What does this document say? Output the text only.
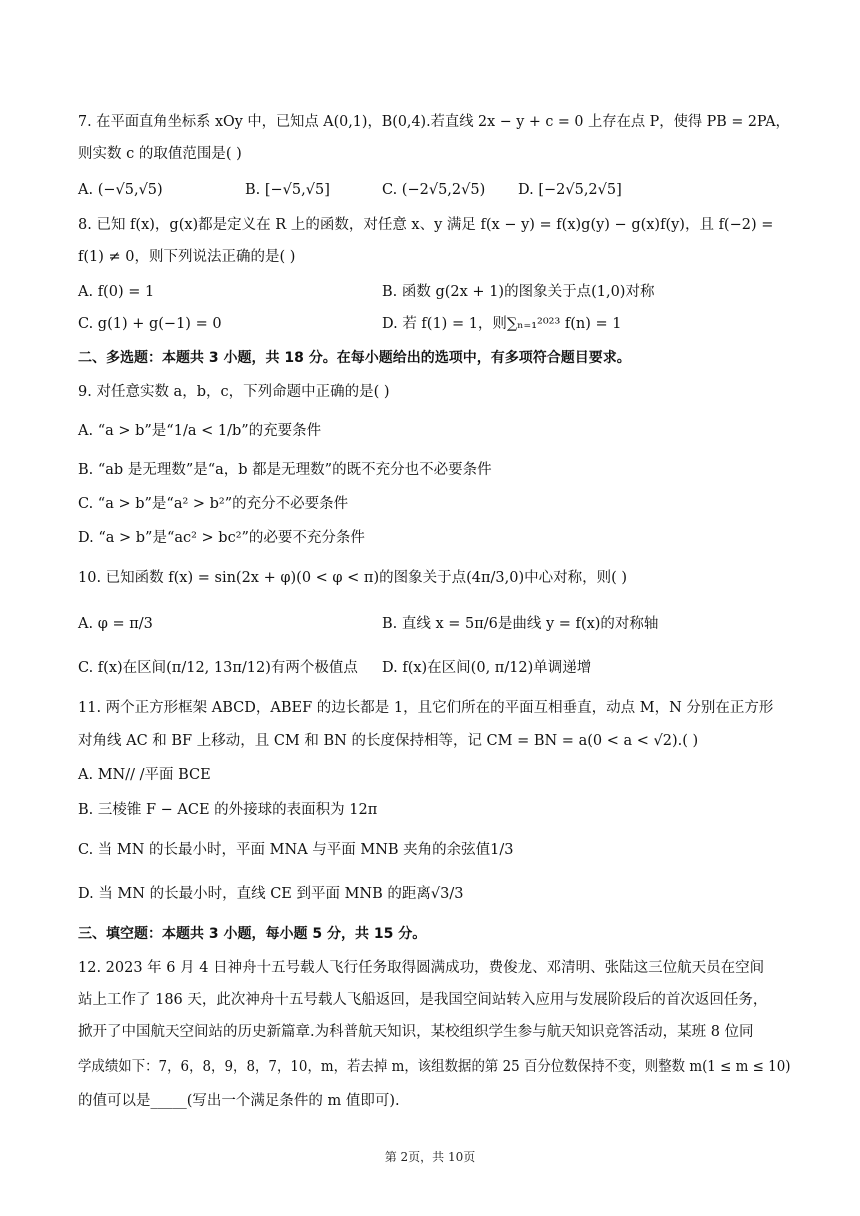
7. 在平面直角坐标系 xOy 中，已知点 A(0,1)，B(0,4).若直线 2x − y + c = 0 上存在点 P，使得 PB = 2PA，
则实数 c 的取值范围是( )
A. (−√5,√5)	B. [−√5,√5]	C. (−2√5,2√5) D. [−2√5,2√5]
8. 已知 f(x)，g(x)都是定义在 R 上的函数，对任意 x、y 满足 f(x − y) = f(x)g(y) − g(x)f(y)，且 f(−2) =
f(1) ≠ 0，则下列说法正确的是( )
A. f(0) = 1	B. 函数 g(2x + 1)的图象关于点(1,0)对称
C. g(1) + g(−1) = 0	D. 若 f(1) = 1，则∑ₙ₌₁²⁰²³ f(n) = 1
二、多选题：本题共 3 小题，共 18 分。在每小题给出的选项中，有多项符合题目要求。
9. 对任意实数 a，b，c，下列命题中正确的是( )
A. “a > b”是“1/a < 1/b”的充要条件
B. “ab 是无理数”是“a，b 都是无理数”的既不充分也不必要条件
C. “a > b”是“a² > b²”的充分不必要条件
D. “a > b”是“ac² > bc²”的必要不充分条件
10. 已知函数 f(x) = sin(2x + φ)(0 < φ < π)的图象关于点(4π/3,0)中心对称，则( )
A. φ = π/3	B. 直线 x = 5π/6是曲线 y = f(x)的对称轴
C. f(x)在区间(π/12, 13π/12)有两个极值点 D. f(x)在区间(0, π/12)单调递增
11. 两个正方形框架 ABCD，ABEF 的边长都是 1，且它们所在的平面互相垂直，动点 M，N 分别在正方形
对角线 AC 和 BF 上移动，且 CM 和 BN 的长度保持相等，记 CM = BN = a(0 < a < √2).( )
A. MN// /平面 BCE
B. 三棱锥 F − ACE 的外接球的表面积为 12π
C. 当 MN 的长最小时，平面 MNA 与平面 MNB 夹角的余弦值1/3
D. 当 MN 的长最小时，直线 CE 到平面 MNB 的距离√3/3
三、填空题：本题共 3 小题，每小题 5 分，共 15 分。
12. 2023 年 6 月 4 日神舟十五号载人飞行任务取得圆满成功，费俊龙、邓清明、张陆这三位航天员在空间
站上工作了 186 天，此次神舟十五号载人飞船返回，是我国空间站转入应用与发展阶段后的首次返回任务，
掀开了中国航天空间站的历史新篇章.为科普航天知识，某校组织学生参与航天知识竞答活动，某班 8 位同
学成绩如下：7，6，8，9，8，7，10，m，若去掉 m，该组数据的第 25 百分位数保持不变，则整数 m(1 ≤ m ≤ 10)
的值可以是_____(写出一个满足条件的 m 值即可).
第 2页，共 10页
